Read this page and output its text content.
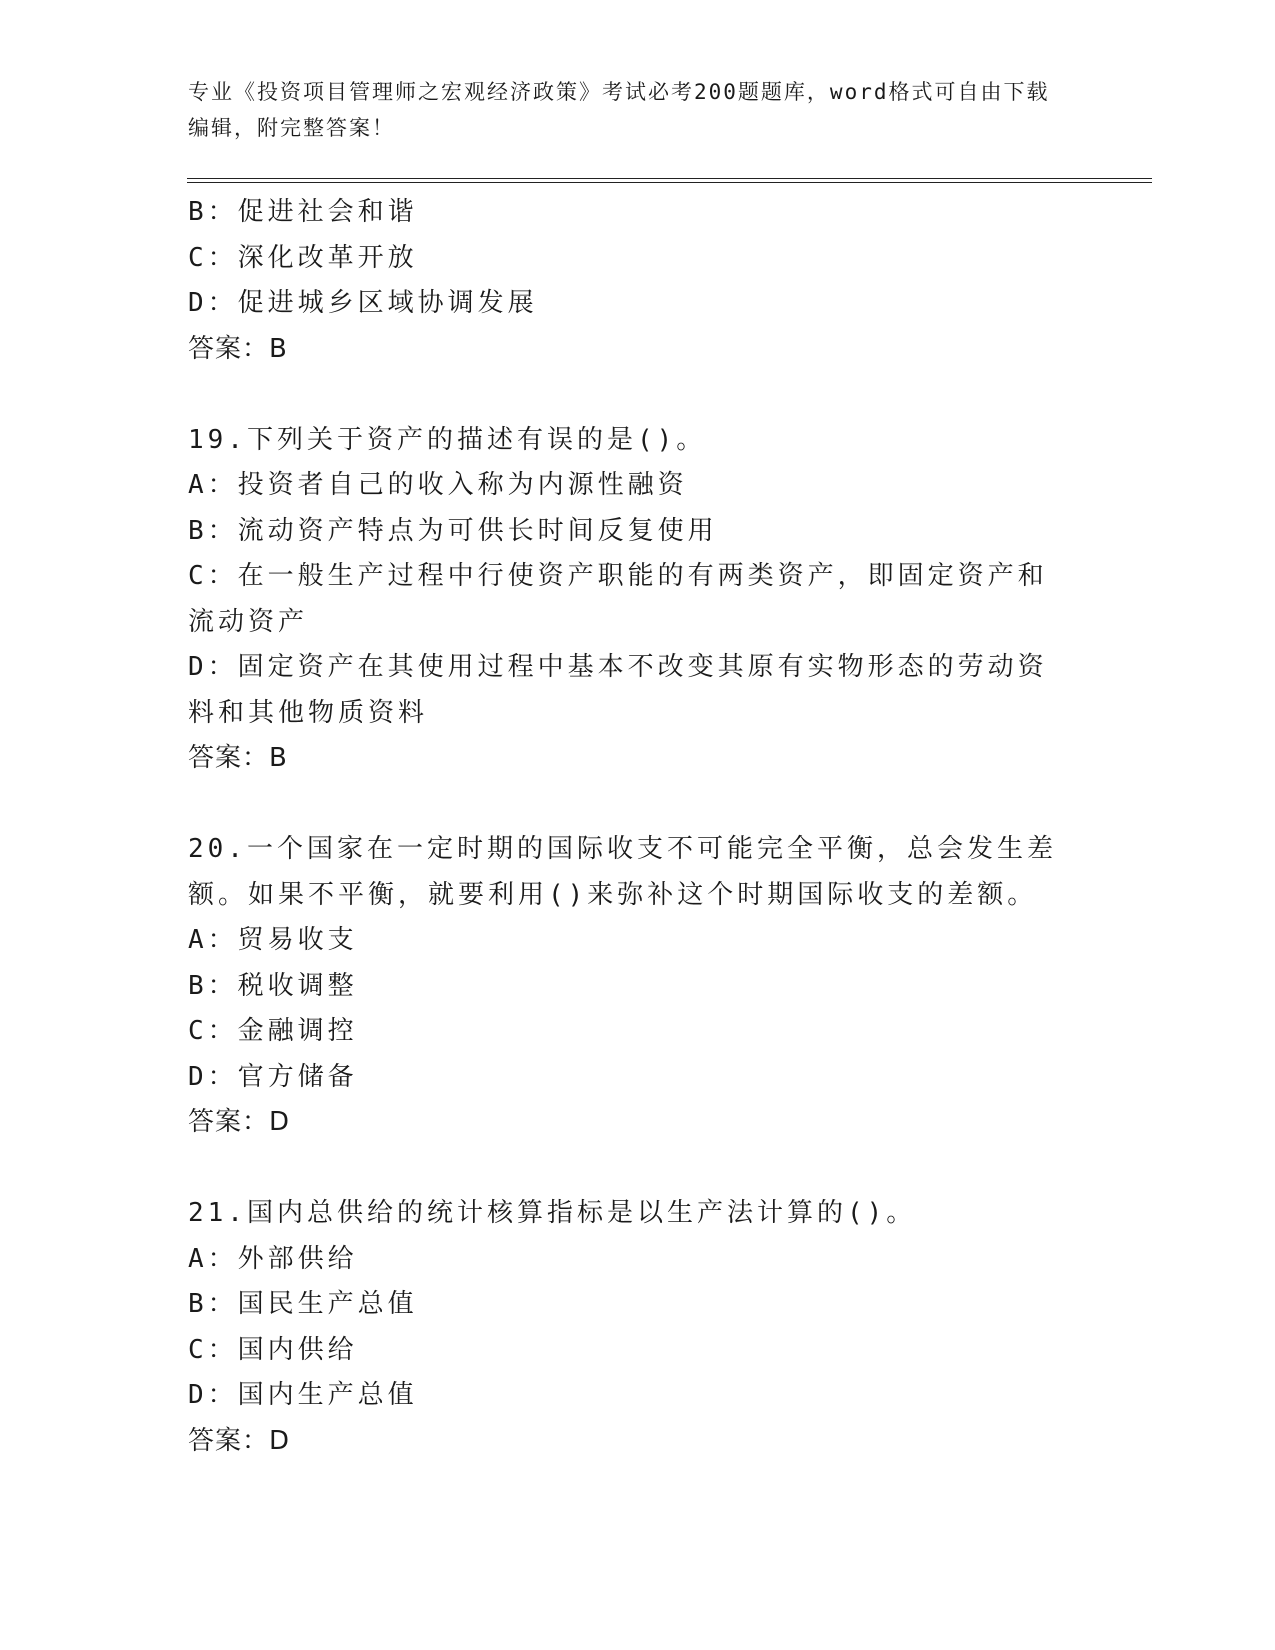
专业《投资项目管理师之宏观经济政策》考试必考200题题库，word格式可自由下载编辑，附完整答案！

B：促进社会和谐
C：深化改革开放
D：促进城乡区域协调发展
答案：B
19.下列关于资产的描述有误的是()。
A：投资者自己的收入称为内源性融资
B：流动资产特点为可供长时间反复使用
C：在一般生产过程中行使资产职能的有两类资产，即固定资产和流动资产
D：固定资产在其使用过程中基本不改变其原有实物形态的劳动资料和其他物质资料
答案：B
20.一个国家在一定时期的国际收支不可能完全平衡，总会发生差额。如果不平衡，就要利用()来弥补这个时期国际收支的差额。
A：贸易收支
B：税收调整
C：金融调控
D：官方储备
答案：D
21.国内总供给的统计核算指标是以生产法计算的()。
A：外部供给
B：国民生产总值
C：国内供给
D：国内生产总值
答案：D
